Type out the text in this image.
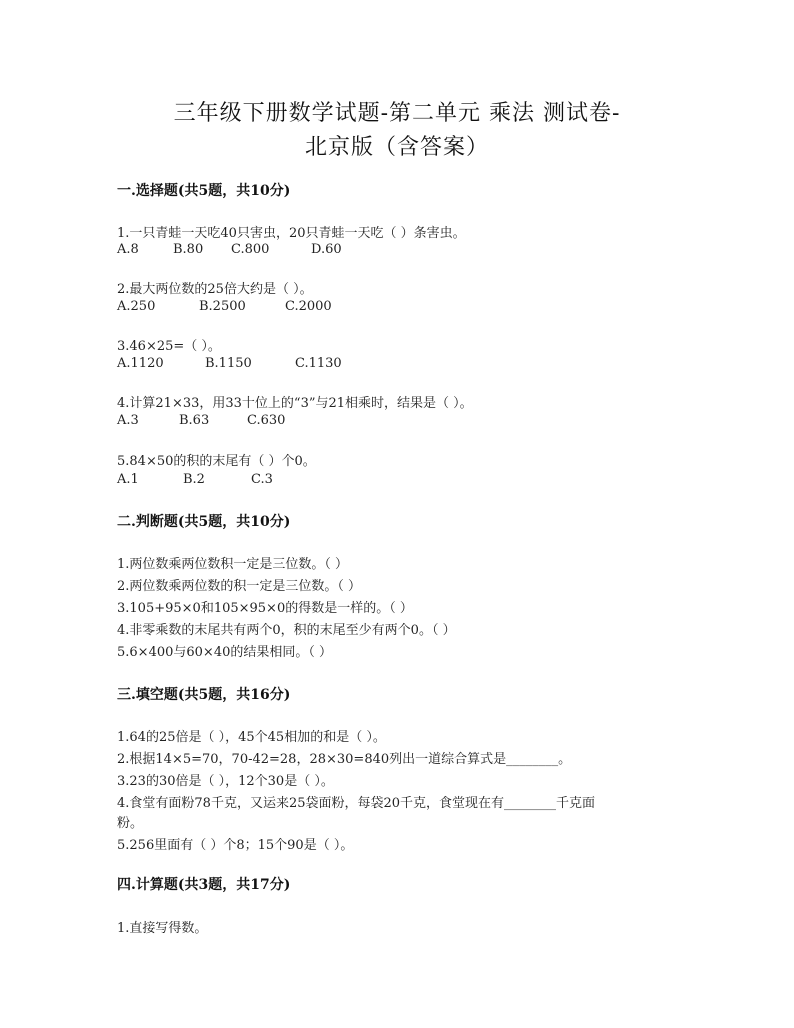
三年级下册数学试题-第二单元 乘法 测试卷-
北京版（含答案）
一.选择题(共5题，共10分)
1.一只青蛙一天吃40只害虫，20只青蛙一天吃（ ）条害虫。
A.8	B.80 C.800	D.60
2.最大两位数的25倍大约是（ ）。
A.250	B.2500	C.2000
3.46×25=（ ）。
A.1120	B.1150	C.1130
4.计算21×33，用33十位上的“3”与21相乘时，结果是（ ）。
A.3	B.63	C.630
5.84×50的积的末尾有（ ）个0。
A.1	B.2	C.3
二.判断题(共5题，共10分)
1.两位数乘两位数积一定是三位数。（ ）
2.两位数乘两位数的积一定是三位数。（ ）
3.105+95×0和105×95×0的得数是一样的。（ ）
4.非零乘数的末尾共有两个0，积的末尾至少有两个0。（ ）
5.6×400与60×40的结果相同。（ ）
三.填空题(共5题，共16分)
1.64的25倍是（ ），45个45相加的和是（ ）。
2.根据14×5=70，70-42=28，28×30=840列出一道综合算式是________。
3.23的30倍是（ ），12个30是（ ）。
4.食堂有面粉78千克，又运来25袋面粉，每袋20千克，食堂现在有________千克面
粉。
5.256里面有（ ）个8；15个90是（ ）。
四.计算题(共3题，共17分)
1.直接写得数。
